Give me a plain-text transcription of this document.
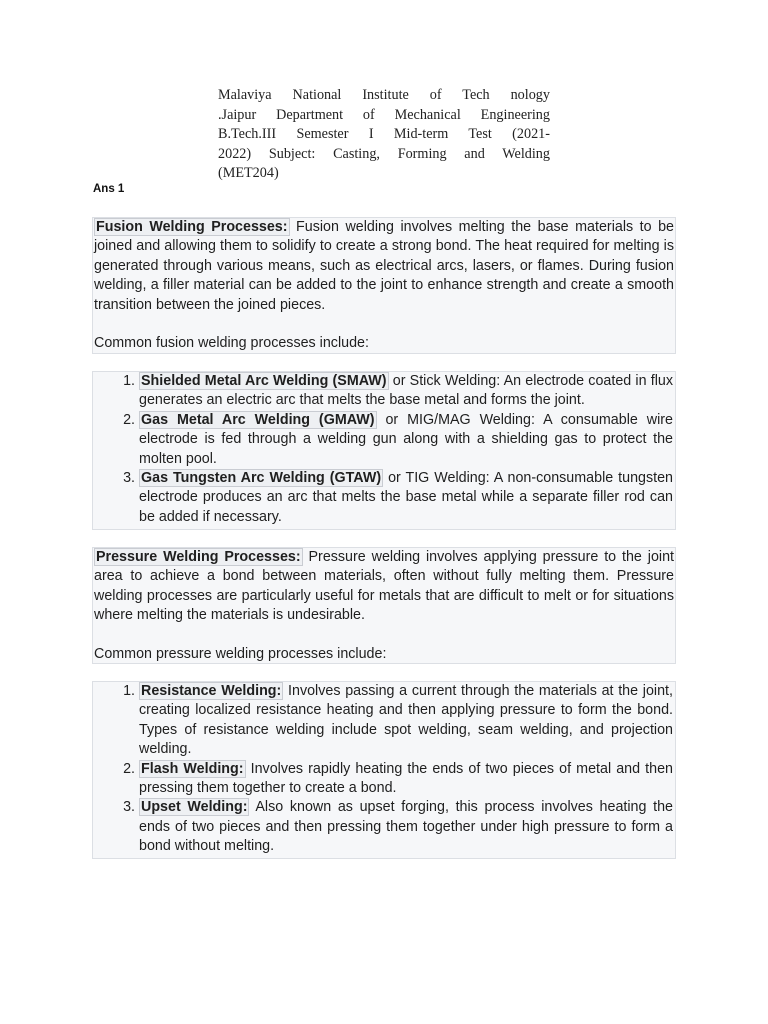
Malaviya National Institute of Tech nology
.Jaipur Department of Mechanical Engineering
B.Tech.III Semester I Mid-term Test (2021-
2022) Subject: Casting, Forming and Welding
(MET204)
Ans 1

Fusion Welding Processes: Fusion welding involves melting the base materials to be joined and allowing them to solidify to create a strong bond. The heat required for melting is generated through various means, such as electrical arcs, lasers, or flames. During fusion welding, a filler material can be added to the joint to enhance strength and create a smooth transition between the joined pieces.

Common fusion welding processes include:

1. Shielded Metal Arc Welding (SMAW) or Stick Welding: An electrode coated in flux generates an electric arc that melts the base metal and forms the joint.
2. Gas Metal Arc Welding (GMAW) or MIG/MAG Welding: A consumable wire electrode is fed through a welding gun along with a shielding gas to protect the molten pool.
3. Gas Tungsten Arc Welding (GTAW) or TIG Welding: A non-consumable tungsten electrode produces an arc that melts the base metal while a separate filler rod can be added if necessary.

Pressure Welding Processes: Pressure welding involves applying pressure to the joint area to achieve a bond between materials, often without fully melting them. Pressure welding processes are particularly useful for metals that are difficult to melt or for situations where melting the materials is undesirable.

Common pressure welding processes include:

1. Resistance Welding: Involves passing a current through the materials at the joint, creating localized resistance heating and then applying pressure to form the bond. Types of resistance welding include spot welding, seam welding, and projection welding.
2. Flash Welding: Involves rapidly heating the ends of two pieces of metal and then pressing them together to create a bond.
3. Upset Welding: Also known as upset forging, this process involves heating the ends of two pieces and then pressing them together under high pressure to form a bond without melting.
